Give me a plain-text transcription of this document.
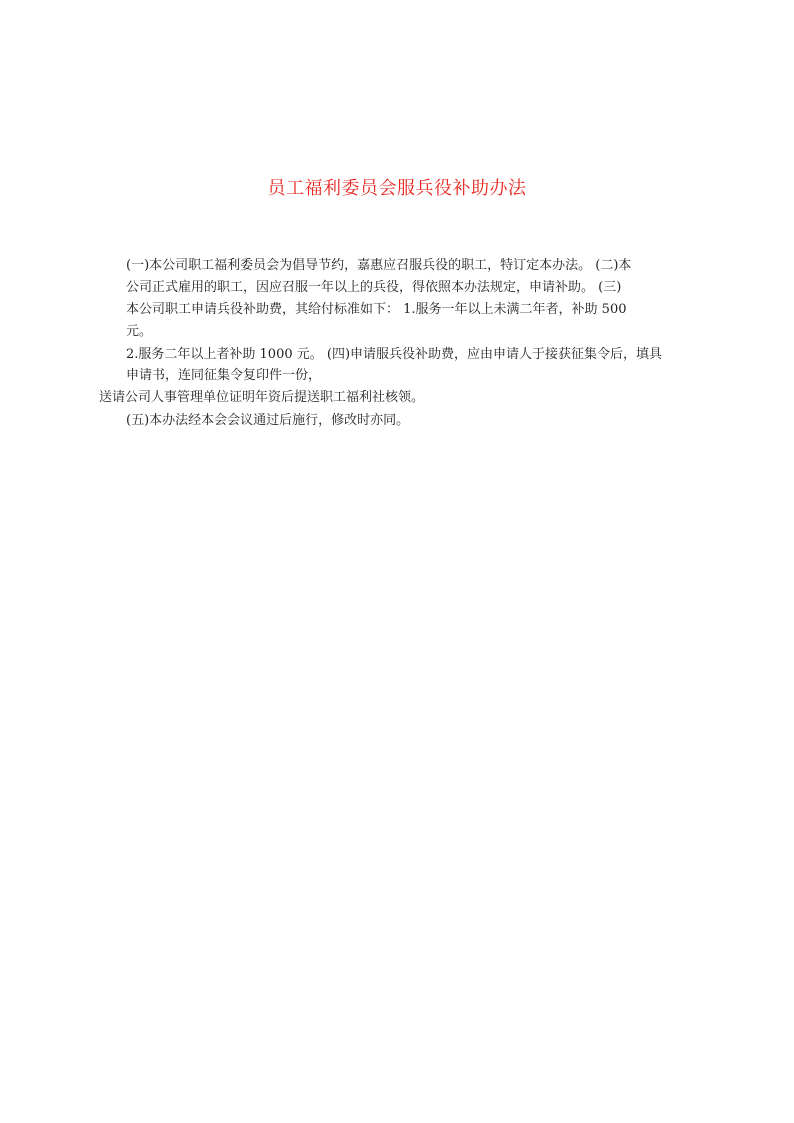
员工福利委员会服兵役补助办法
(一)本公司职工福利委员会为倡导节约，嘉惠应召服兵役的职工，特订定本办法。 (二)本
公司正式雇用的职工，因应召服一年以上的兵役，得依照本办法规定，申请补助。 (三)
本公司职工申请兵役补助费，其给付标准如下： 1.服务一年以上未满二年者，补助 500
元。
2.服务二年以上者补助 1000 元。 (四)申请服兵役补助费，应由申请人于接获征集令后，填具
申请书，连同征集令复印件一份，
送请公司人事管理单位证明年资后提送职工福利社核领。
(五)本办法经本会会议通过后施行，修改时亦同。
